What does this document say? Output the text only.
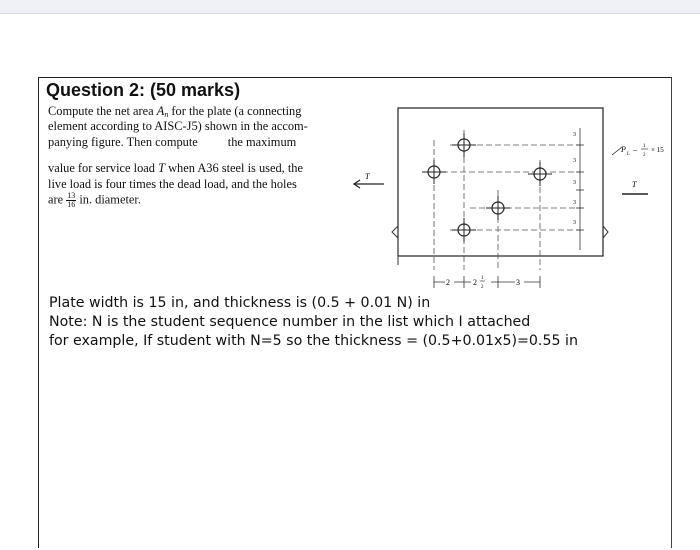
Question 2: (50 marks)
Compute the net area $A_n$ for the plate (a connecting
element according to AISC-J5) shown in the accom-
panying figure. Then compute the maximum
value for service load T when A36 steel is used, the
live load is four times the dead load, and the holes
are $\frac{13}{16}$ in. diameter.
3
3
3
3
3
2	2 1
2
3
T
P
L
– 1
2
× 15
T
Plate width is 15 in, and thickness is (0.5 + 0.01 N) in
Note: N is the student sequence number in the list which I attached
for example, If student with N=5 so the thickness = (0.5+0.01x5)=0.55 in
